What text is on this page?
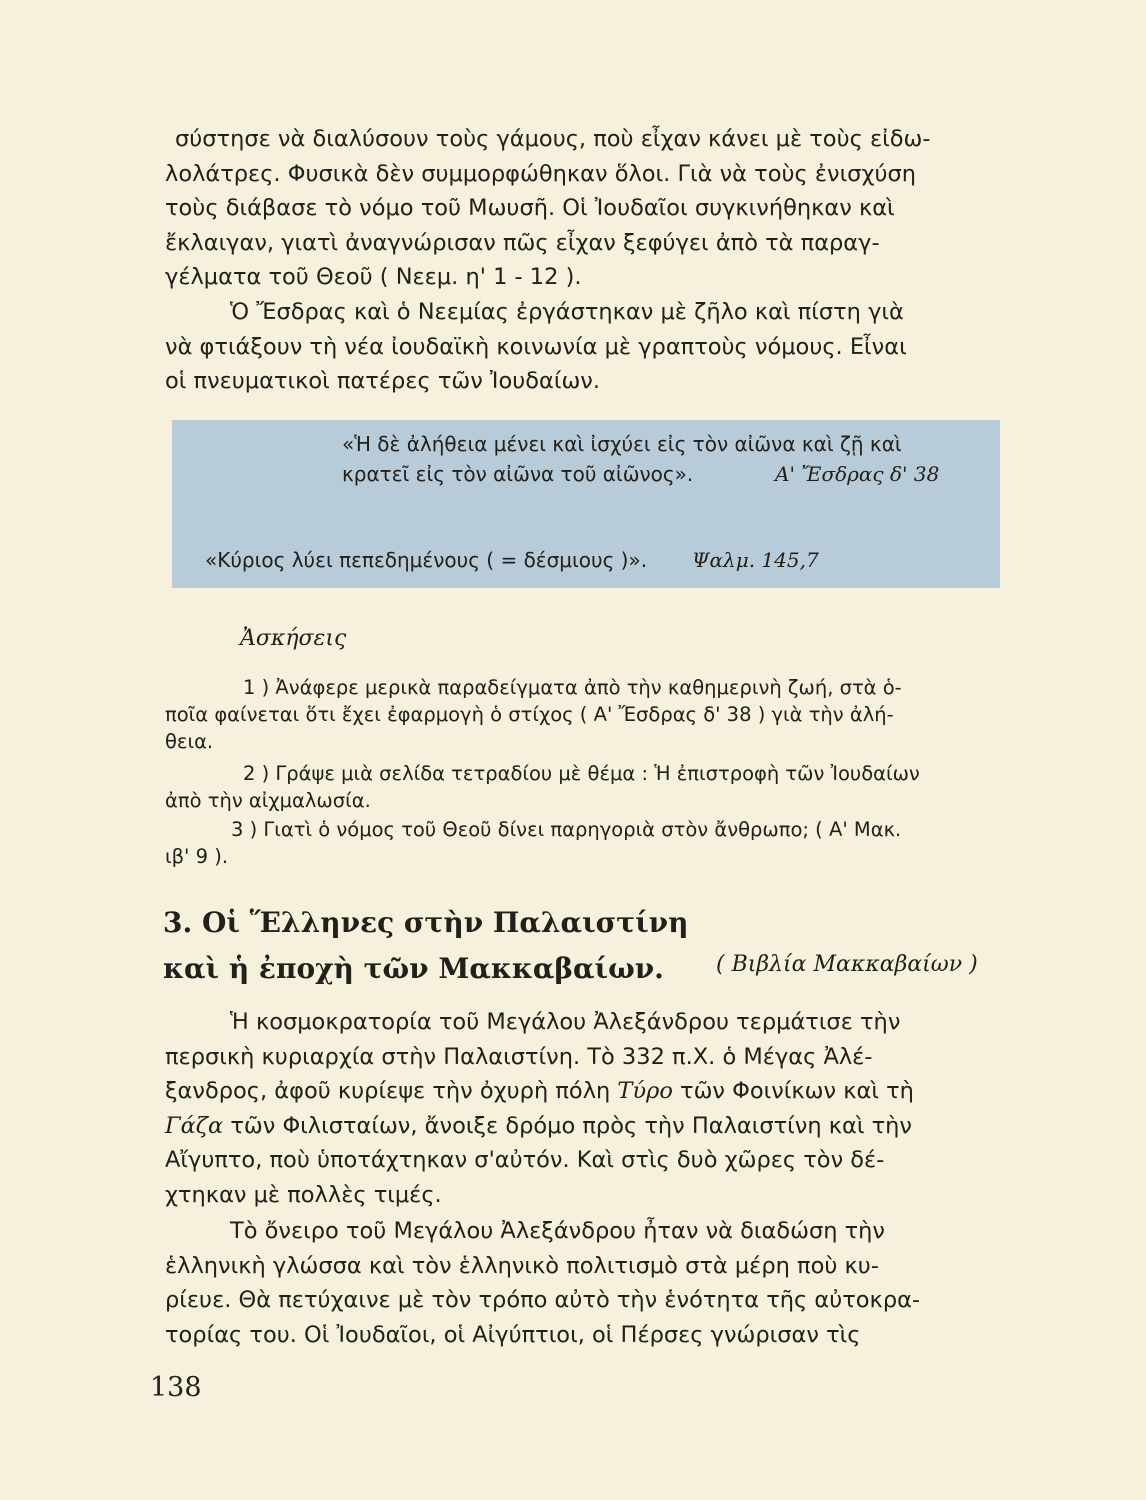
σύστησε νὰ διαλύσουν τοὺς γάμους, ποὺ εἶχαν κάνει μὲ τοὺς εἰδω-
λολάτρες. Φυσικὰ δὲν συμμορφώθηκαν ὅλοι. Γιὰ νὰ τοὺς ἐνισχύση
τοὺς διάβασε τὸ νόμο τοῦ Μωυσῆ. Οἱ Ἰουδαῖοι συγκινήθηκαν καὶ
ἔκλαιγαν, γιατὶ ἀναγνώρισαν πῶς εἶχαν ξεφύγει ἀπὸ τὰ παραγ-
γέλματα τοῦ Θεοῦ ( Νεεμ. η' 1 - 12 ).
Ὁ Ἔσδρας καὶ ὁ Νεεμίας ἐργάστηκαν μὲ ζῆλο καὶ πίστη γιὰ
νὰ φτιάξουν τὴ νέα ἰουδαϊκὴ κοινωνία μὲ γραπτοὺς νόμους. Εἶναι
οἱ πνευματικοὶ πατέρες τῶν Ἰουδαίων.

«Ἡ δὲ ἀλήθεια μένει καὶ ἰσχύει εἰς τὸν αἰῶνα καὶ ζῇ καὶ

κρατεῖ εἰς τὸν αἰῶνα τοῦ αἰῶνος».	Α' Ἔσδρας δ' 38

«Κύριος λύει πεπεδημένους ( = δέσμιους )». Ψαλμ. 145,7

Ἀσκήσεις
1 ) Ἀνάφερε μερικὰ παραδείγματα ἀπὸ τὴν καθημερινὴ ζωή, στὰ ὁ-
ποῖα φαίνεται ὅτι ἔχει ἐφαρμογὴ ὁ στίχος ( Α' Ἔσδρας δ' 38 ) γιὰ τὴν ἀλή-
θεια.
2 ) Γράψε μιὰ σελίδα τετραδίου μὲ θέμα : Ἡ ἐπιστροφὴ τῶν Ἰουδαίων
ἀπὸ τὴν αἰχμαλωσία.
3 ) Γιατὶ ὁ νόμος τοῦ Θεοῦ δίνει παρηγοριὰ στὸν ἄνθρωπο; ( Α' Μακ.
ιβ' 9 ).
3. Οἱ Ἕλληνες στὴν Παλαιστίνη
καὶ ἡ ἐποχὴ τῶν Μακκαβαίων.	( Βιβλία Μακκαβαίων )
Ἡ κοσμοκρατορία τοῦ Μεγάλου Ἀλεξάνδρου τερμάτισε τὴν
περσικὴ κυριαρχία στὴν Παλαιστίνη. Τὸ 332 π.Χ. ὁ Μέγας Ἀλέ-
ξανδρος, ἀφοῦ κυρίεψε τὴν ὀχυρὴ πόλη Τύρο τῶν Φοινίκων καὶ τὴ
Γάζα τῶν Φιλισταίων, ἄνοιξε δρόμο πρὸς τὴν Παλαιστίνη καὶ τὴν
Αἴγυπτο, ποὺ ὑποτάχτηκαν σ'αὐτόν. Καὶ στὶς δυὸ χῶρες τὸν δέ-
χτηκαν μὲ πολλὲς τιμές.
Τὸ ὄνειρο τοῦ Μεγάλου Ἀλεξάνδρου ἦταν νὰ διαδώση τὴν
ἑλληνικὴ γλώσσα καὶ τὸν ἑλληνικὸ πολιτισμὸ στὰ μέρη ποὺ κυ-
ρίευε. Θὰ πετύχαινε μὲ τὸν τρόπο αὐτὸ τὴν ἑνότητα τῆς αὐτοκρα-
τορίας του. Οἱ Ἰουδαῖοι, οἱ Αἰγύπτιοι, οἱ Πέρσες γνώρισαν τὶς
138
